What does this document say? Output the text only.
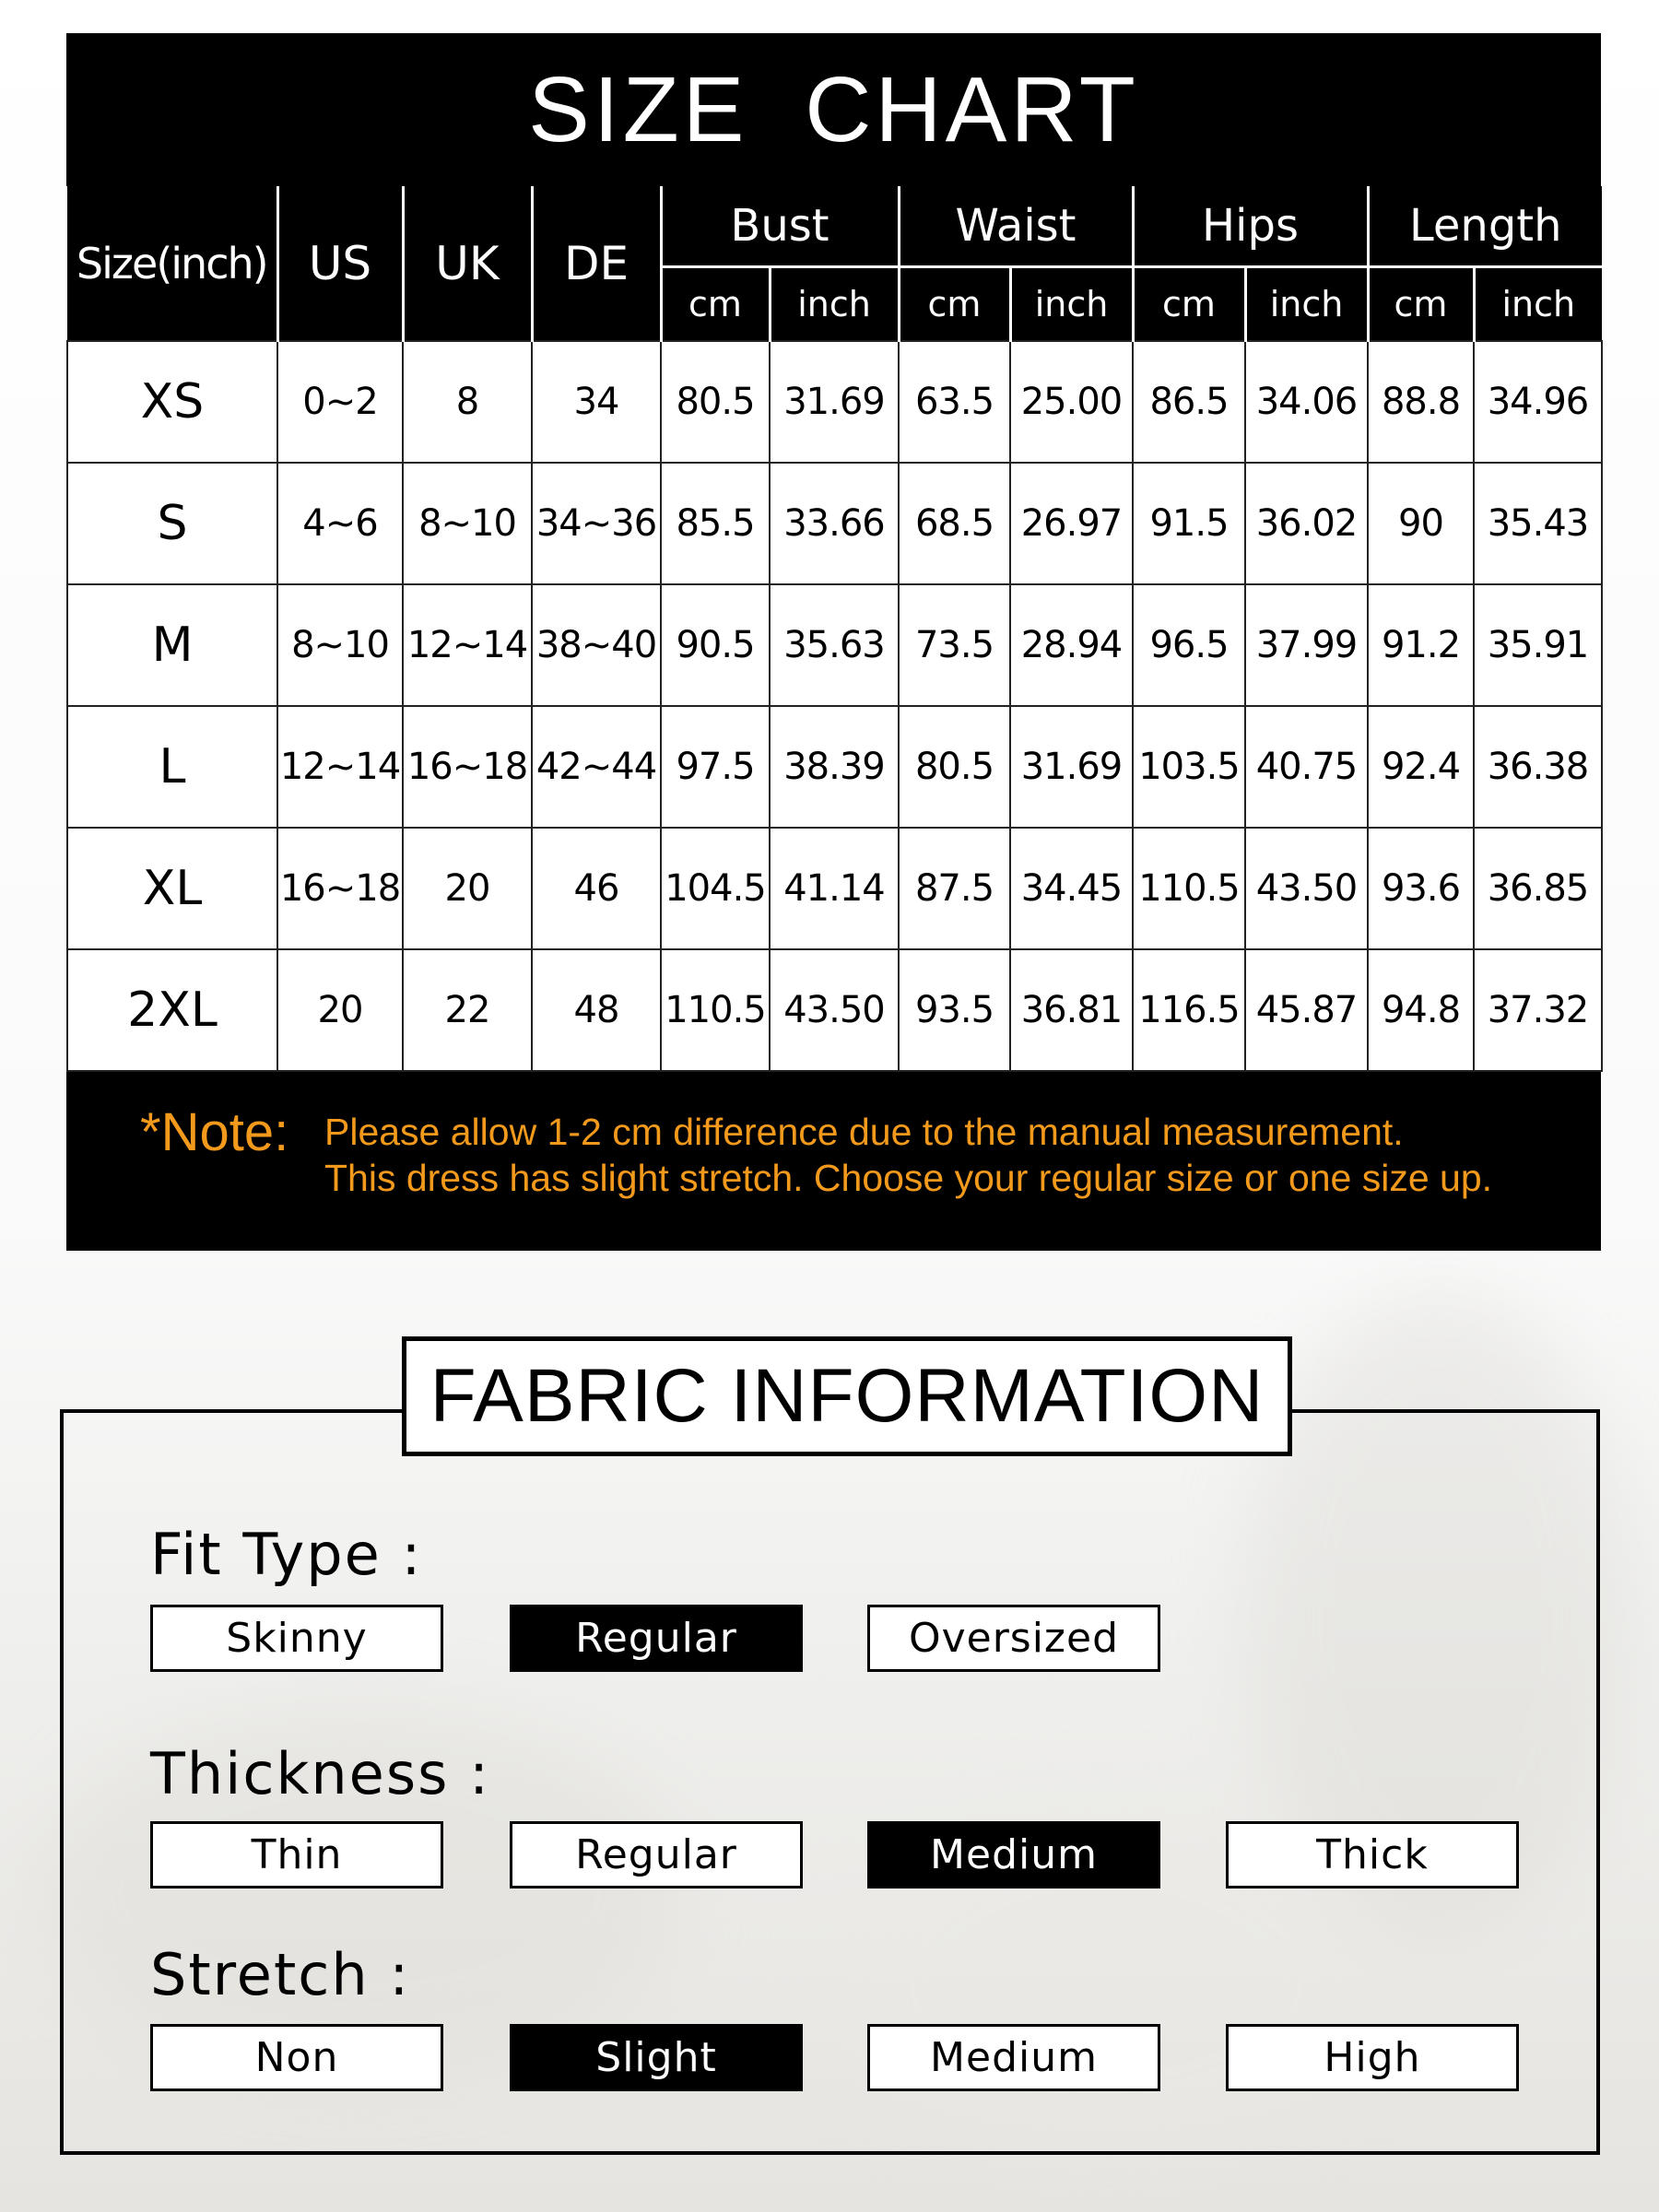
SIZE CHART
Size(inch)	US	UK	DE	Bust		Waist		Hips		Length	
				cm	inch	cm	inch	cm	inch	cm	inch
XS	0~2	8	34	80.5	31.69	63.5	25.00	86.5	34.06	88.8	34.96
S	4~6	8~10	34~36	85.5	33.66	68.5	26.97	91.5	36.02	90	35.43
M	8~10	12~14	38~40	90.5	35.63	73.5	28.94	96.5	37.99	91.2	35.91
L	12~14	16~18	42~44	97.5	38.39	80.5	31.69	103.5	40.75	92.4	36.38
XL	16~18	20	46	104.5	41.14	87.5	34.45	110.5	43.50	93.6	36.85
2XL	20	22	48	110.5	43.50	93.5	36.81	116.5	45.87	94.8	37.32
*Note: Please allow 1-2 cm difference due to the manual measurement.
This dress has slight stretch. Choose your regular size or one size up.
FABRIC INFORMATION
Fit Type :
Skinny	Regular	Oversized
Thickness :
Thin	Regular	Medium	Thick
Stretch :
Non	Slight	Medium	High
